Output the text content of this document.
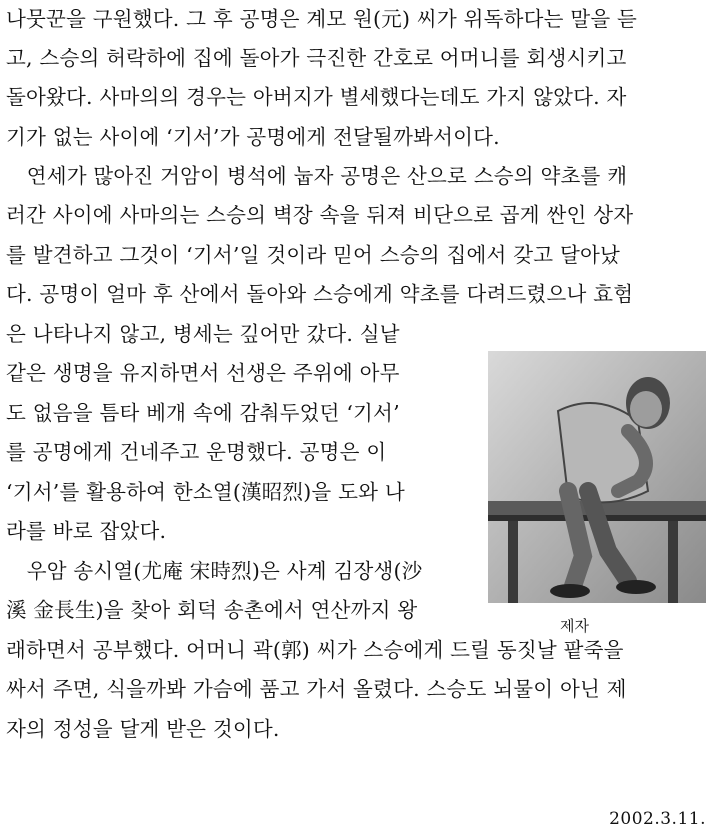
나뭇꾼을 구원했다. 그 후 공명은 계모 원(元) 씨가 위독하다는 말을 듣
고, 스승의 허락하에 집에 돌아가 극진한 간호로 어머니를 회생시키고
돌아왔다. 사마의의 경우는 아버지가 별세했다는데도 가지 않았다. 자
기가 없는 사이에 ‘기서’가 공명에게 전달될까봐서이다.
　연세가 많아진 거암이 병석에 눕자 공명은 산으로 스승의 약초를 캐
러간 사이에 사마의는 스승의 벽장 속을 뒤져 비단으로 곱게 싼인 상자
를 발견하고 그것이 ‘기서’일 것이라 믿어 스승의 집에서 갖고 달아났
다. 공명이 얼마 후 산에서 돌아와 스승에게 약초를 다려드렸으나 효험
은 나타나지 않고, 병세는 깊어만 갔다. 실낱
같은 생명을 유지하면서 선생은 주위에 아무
도 없음을 틈타 베개 속에 감춰두었던 ‘기서’
를 공명에게 건네주고 운명했다. 공명은 이
‘기서’를 활용하여 한소열(漢昭烈)을 도와 나
라를 바로 잡았다.
　우암 송시열(尤庵 宋時烈)은 사계 김장생(沙
溪 金長生)을 찾아 회덕 송촌에서 연산까지 왕
래하면서 공부했다. 어머니 곽(郭) 씨가 스승에게 드릴 동짓날 팥죽을
싸서 주면, 식을까봐 가슴에 품고 가서 올렸다. 스승도 뇌물이 아닌 제
자의 정성을 달게 받은 것이다.
제자
2002.3.11.
